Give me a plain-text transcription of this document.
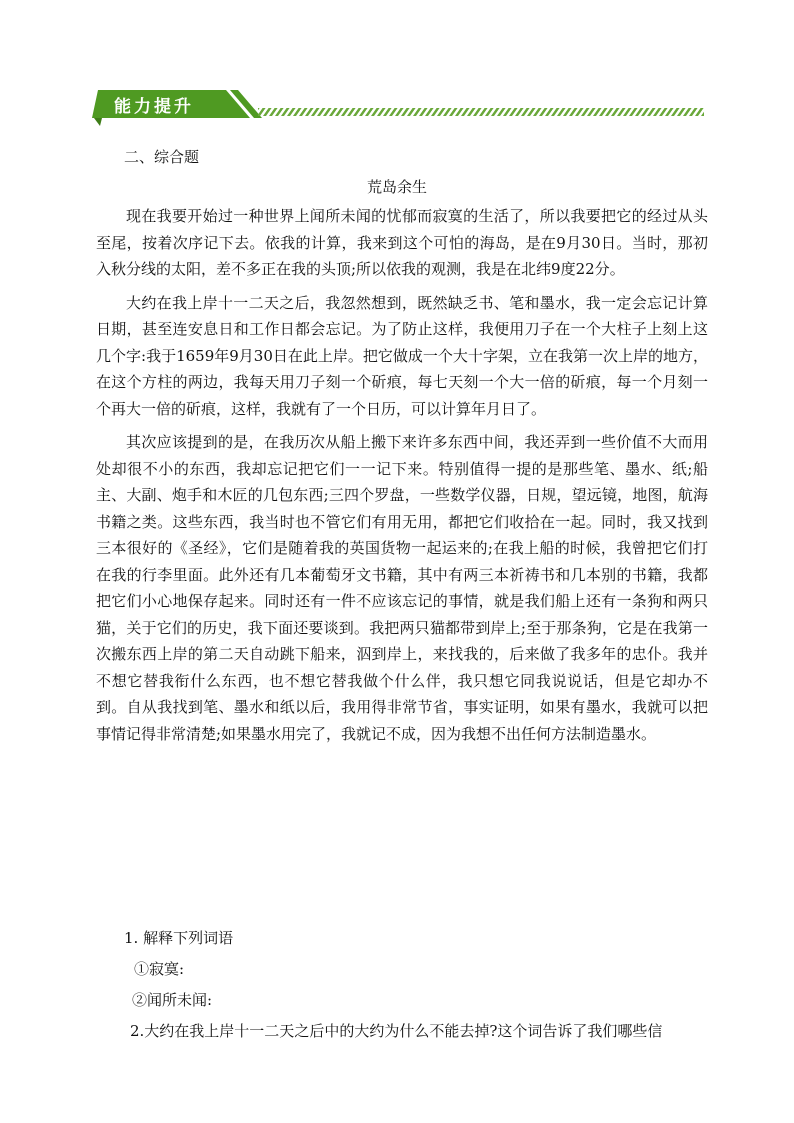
能力提升
二、综合题
荒岛余生

现在我要开始过一种世界上闻所未闻的忧郁而寂寞的生活了，所以我要把它的经过从头至尾，按着次序记下去。依我的计算，我来到这个可怕的海岛，是在9月30日。当时，那初入秋分线的太阳，差不多正在我的头顶;所以依我的观测，我是在北纬9度22分。

大约在我上岸十一二天之后，我忽然想到，既然缺乏书、笔和墨水，我一定会忘记计算日期，甚至连安息日和工作日都会忘记。为了防止这样，我便用刀子在一个大柱子上刻上这几个字:我于1659年9月30日在此上岸。把它做成一个大十字架，立在我第一次上岸的地方，在这个方柱的两边，我每天用刀子刻一个斫痕，每七天刻一个大一倍的斫痕，每一个月刻一个再大一倍的斫痕，这样，我就有了一个日历，可以计算年月日了。

其次应该提到的是，在我历次从船上搬下来许多东西中间，我还弄到一些价值不大而用处却很不小的东西，我却忘记把它们一一记下来。特别值得一提的是那些笔、墨水、纸;船主、大副、炮手和木匠的几包东西;三四个罗盘，一些数学仪器，日规，望远镜，地图，航海书籍之类。这些东西，我当时也不管它们有用无用，都把它们收拾在一起。同时，我又找到三本很好的《圣经》，它们是随着我的英国货物一起运来的;在我上船的时候，我曾把它们打在我的行李里面。此外还有几本葡萄牙文书籍，其中有两三本祈祷书和几本别的书籍，我都把它们小心地保存起来。同时还有一件不应该忘记的事情，就是我们船上还有一条狗和两只猫，关于它们的历史，我下面还要谈到。我把两只猫都带到岸上;至于那条狗，它是在我第一次搬东西上岸的第二天自动跳下船来，泅到岸上，来找我的，后来做了我多年的忠仆。我并不想它替我衔什么东西，也不想它替我做个什么伴，我只想它同我说说话，但是它却办不到。自从我找到笔、墨水和纸以后，我用得非常节省，事实证明，如果有墨水，我就可以把事情记得非常清楚;如果墨水用完了，我就记不成，因为我想不出任何方法制造墨水。

1. 解释下列词语
①寂寞:
②闻所未闻:
2.大约在我上岸十一二天之后中的大约为什么不能去掉?这个词告诉了我们哪些信
